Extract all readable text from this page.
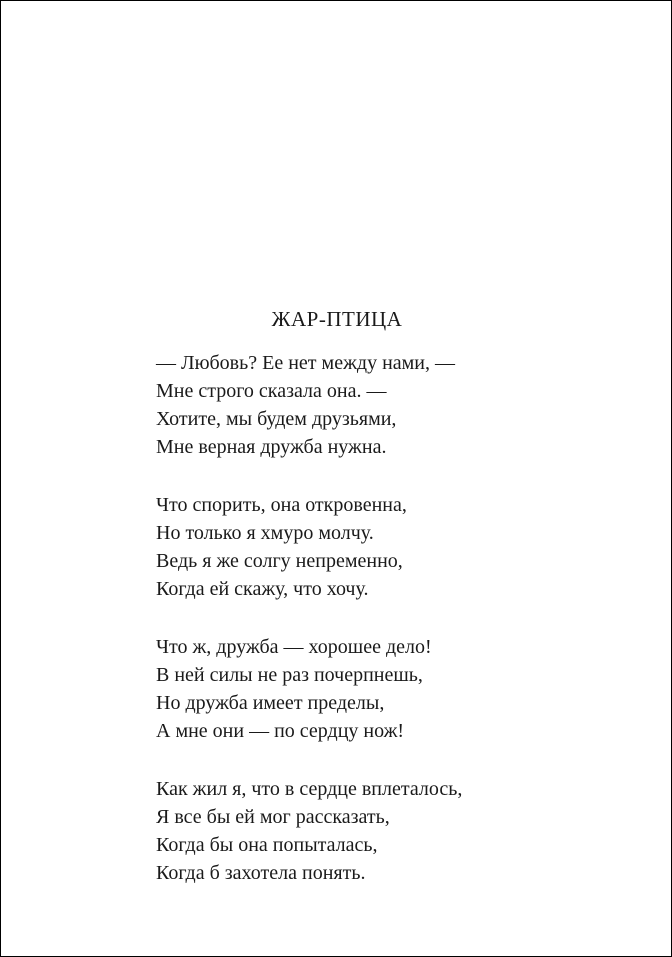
ЖАР-ПТИЦА
— Любовь? Ее нет между нами, —
Мне строго сказала она. —
Хотите, мы будем друзьями,
Мне верная дружба нужна.
Что спорить, она откровенна,
Но только я хмуро молчу.
Ведь я же солгу непременно,
Когда ей скажу, что хочу.
Что ж, дружба — хорошее дело!
В ней силы не раз почерпнешь,
Но дружба имеет пределы,
А мне они — по сердцу нож!
Как жил я, что в сердце вплеталось,
Я все бы ей мог рассказать,
Когда бы она попыталась,
Когда б захотела понять.
